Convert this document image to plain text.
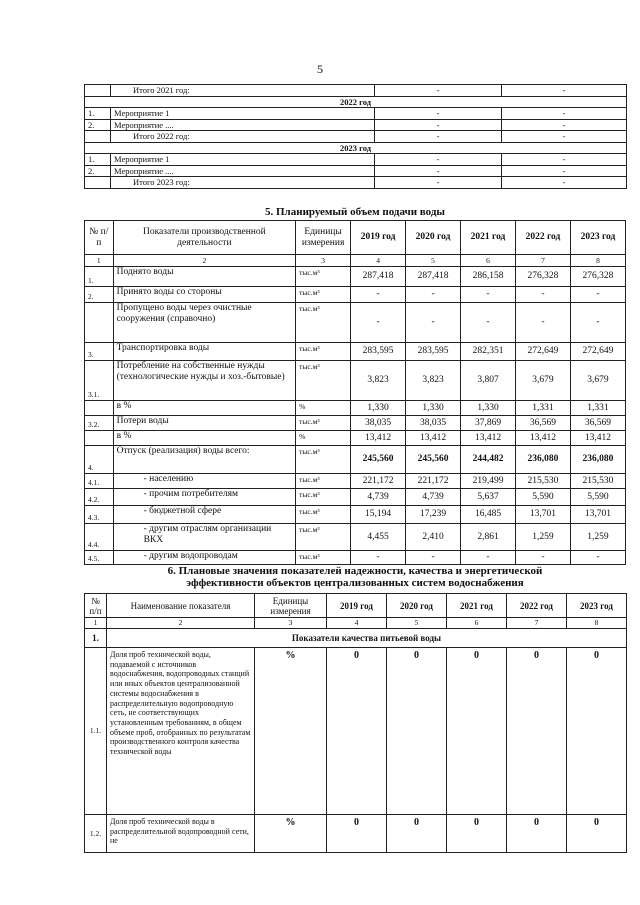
5
	Итого 2021 год:	-	-
2022 год			
1.	Мероприятие 1	-	-
2.	Мероприятие ....	-	-
	Итого 2022 год:	-	-
2023 год			
1.	Мероприятие 1	-	-
2.	Мероприятие ....	-	-
	Итого 2023 год:	-	-
5. Планируемый объем подачи воды
№ п/п	Показатели производственной деятельности	Единицы измерения	2019 год	2020 год	2021 год	2022 год	2023 год
1	2	3	4	5	6	7	8
1.	Поднято воды	тыс.м³	287,418	287,418	286,158	276,328	276,328
2.	Принято воды со стороны	тыс.м³	-	-	-	-	-
	Пропущено воды через очистные сооружения (справочно)	тыс.м³	-	-	-	-	-
3.	Транспортировка воды	тыс.м³	283,595	283,595	282,351	272,649	272,649
3.1.	Потребление на собственные нужды (технологические нужды и хоз.-бытовые)	тыс.м³	3,823	3,823	3,807	3,679	3,679
	в %	%	1,330	1,330	1,330	1,331	1,331
3.2.	Потери воды	тыс.м³	38,035	38,035	37,869	36,569	36,569
	в %	%	13,412	13,412	13,412	13,412	13,412
4.	Отпуск (реализация) воды всего:	тыс.м³	245,560	245,560	244,482	236,080	236,080
4.1.	- населению	тыс.м³	221,172	221,172	219,499	215,530	215,530
4.2.	- прочим потребителям	тыс.м³	4,739	4,739	5,637	5,590	5,590
4.3.	- бюджетной сфере	тыс.м³	15,194	17,239	16,485	13,701	13,701
4.4.	- другим отраслям организации ВКХ	тыс.м³	4,455	2,410	2,861	1,259	1,259
4.5.	- другим водопроводам	тыс.м³	-	-	-	-	-
6. Плановые значения показателей надежности, качества и энергетической
эффективности объектов централизованных систем водоснабжения
№ п/п	Наименование показателя	Единицы измерения	2019 год	2020 год	2021 год	2022 год	2023 год
1	2	3	4	5	6	7	8
1.	Показатели качества питьевой воды						
1.1.	Доля проб технической воды, подаваемой с источников водоснабжения, водопроводных станций или иных объектов централизованной системы водоснабжения в распределительную водопроводную сеть, не соответствующих установленным требованиям, в общем объеме проб, отобранных по результатам производственного контроля качества технической воды	%	0	0	0	0	0
1.2.	Доля проб технической воды в распределительной водопроводной сети, не	%	0	0	0	0	0
